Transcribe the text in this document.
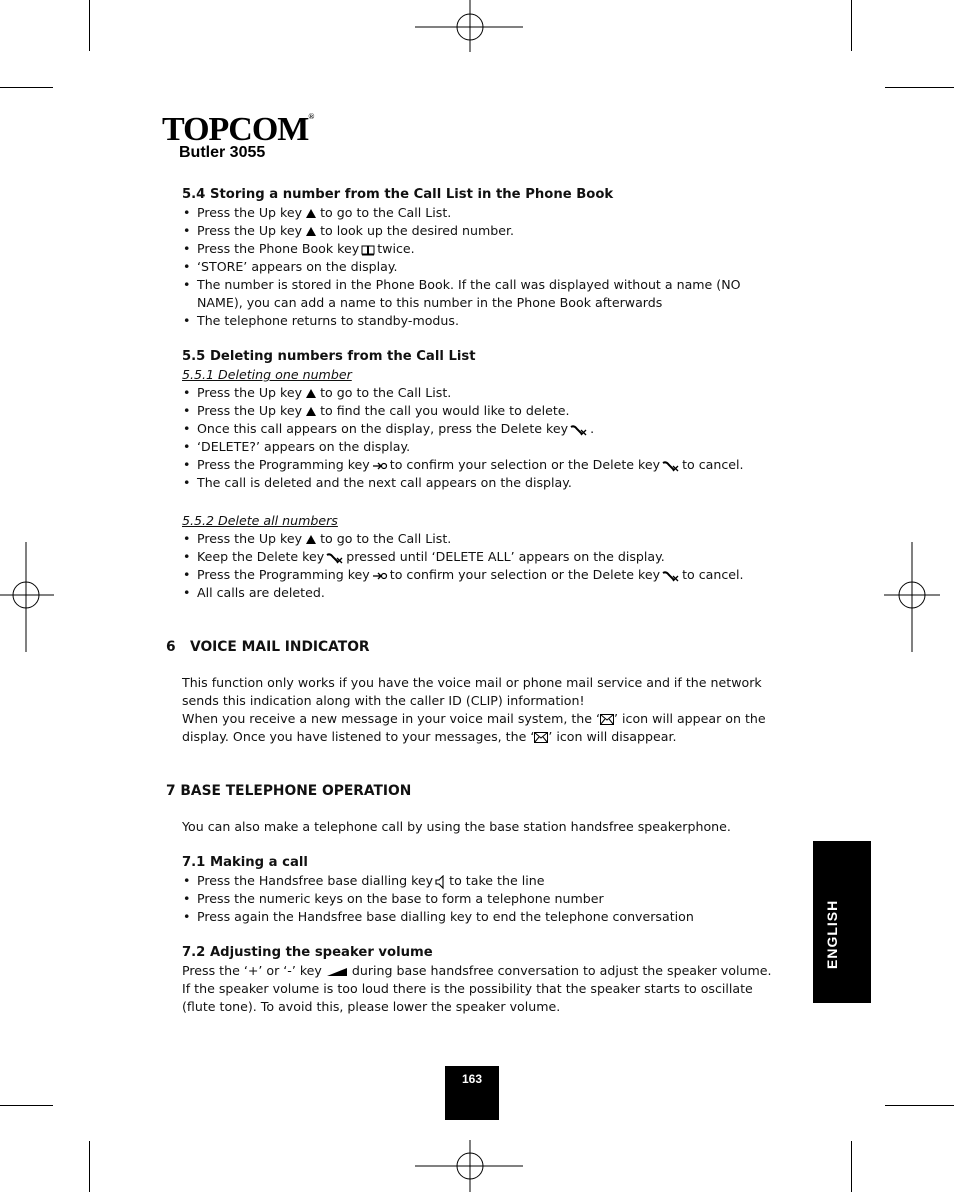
TOPCOM®
Butler 3055

5.4 Storing a number from the Call List in the Phone Book

• Press the Up key to go to the Call List.
• Press the Up key to look up the desired number.
• Press the Phone Book key twice.
• ‘STORE’ appears on the display.
• The number is stored in the Phone Book. If the call was displayed without a name (NO NAME), you can add a name to this number in the Phone Book afterwards
• The telephone returns to standby-modus.

5.5 Deleting numbers from the Call List

5.5.1 Deleting one number

• Press the Up key to go to the Call List.
• Press the Up key to find the call you would like to delete.
• Once this call appears on the display, press the Delete key .
• ‘DELETE?’ appears on the display.
• Press the Programming key to confirm your selection or the Delete key to cancel.
• The call is deleted and the next call appears on the display.

5.5.2 Delete all numbers

• Press the Up key to go to the Call List.
• Keep the Delete key pressed until ‘DELETE ALL’ appears on the display.
• Press the Programming key to confirm your selection or the Delete key to cancel.
• All calls are deleted.

6   VOICE MAIL INDICATOR

This function only works if you have the voice mail or phone mail service and if the network sends this indication along with the caller ID (CLIP) information!

When you receive a new message in your voice mail system, the ‘ ’ icon will appear on the display. Once you have listened to your messages, the ‘ ’ icon will disappear.

7 BASE TELEPHONE OPERATION

You can also make a telephone call by using the base station handsfree speakerphone.

7.1 Making a call

• Press the Handsfree base dialling key to take the line
• Press the numeric keys on the base to form a telephone number
• Press again the Handsfree base dialling key to end the telephone conversation

7.2 Adjusting the speaker volume

Press the ‘+’ or ‘-’ key during base handsfree conversation to adjust the speaker volume. If the speaker volume is too loud there is the possibility that the speaker starts to oscillate (flute tone). To avoid this, please lower the speaker volume.

ENGLISH
163
